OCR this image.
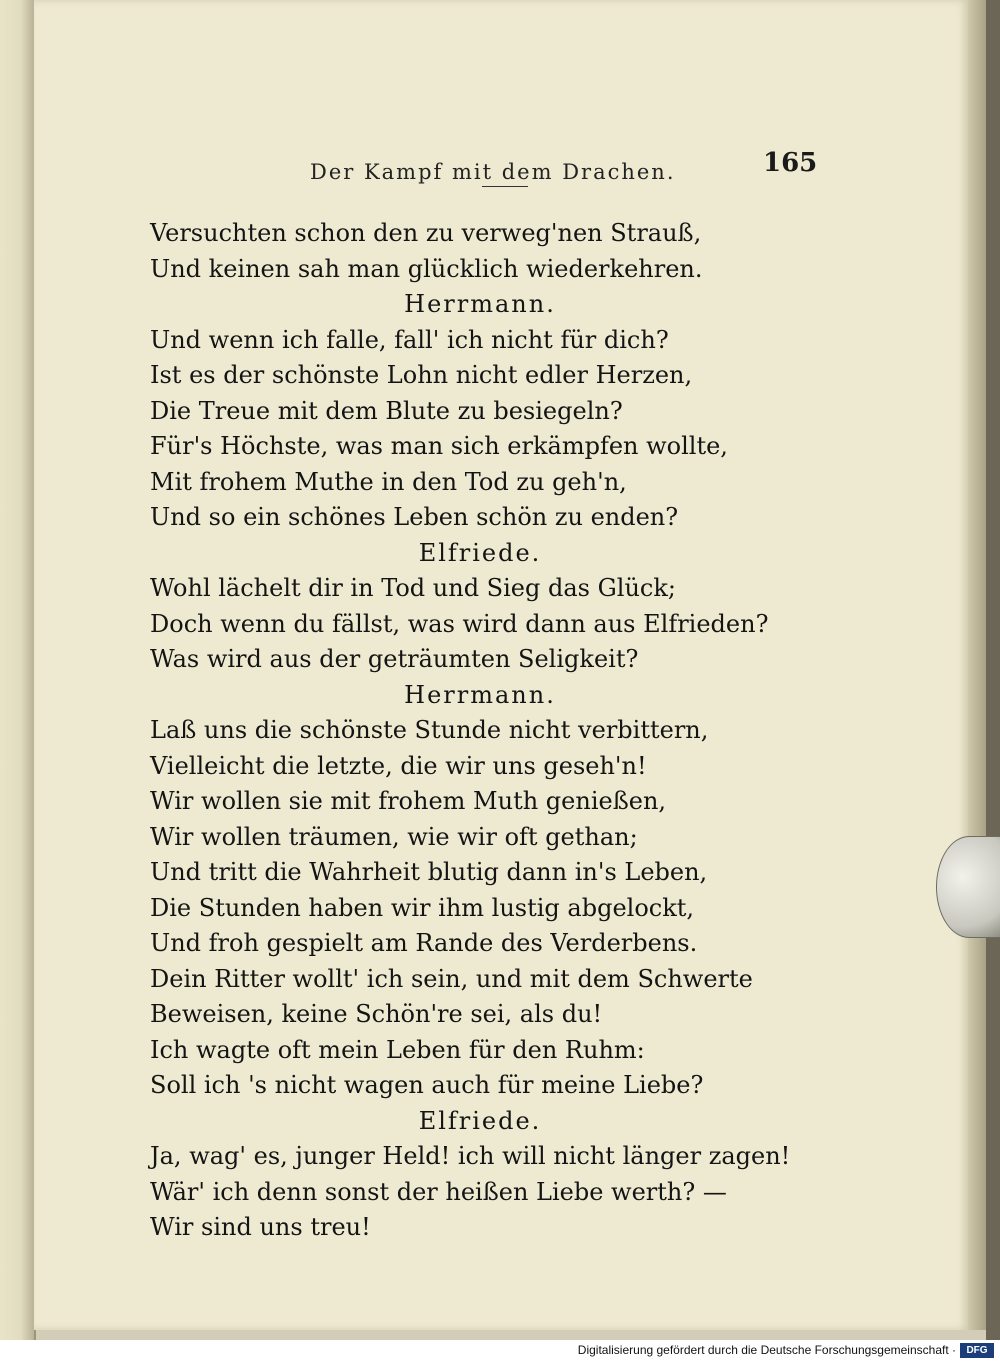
Der Kampf mit dem Drachen.	165
Versuchten schon den zu verweg'nen Strauß,
Und keinen sah man glücklich wiederkehren.
Herrmann.
Und wenn ich falle, fall' ich nicht für dich?
Ist es der schönste Lohn nicht edler Herzen,
Die Treue mit dem Blute zu besiegeln?
Für's Höchste, was man sich erkämpfen wollte,
Mit frohem Muthe in den Tod zu geh'n,
Und so ein schönes Leben schön zu enden?
Elfriede.
Wohl lächelt dir in Tod und Sieg das Glück;
Doch wenn du fällst, was wird dann aus Elfrieden?
Was wird aus der geträumten Seligkeit?
Herrmann.
Laß uns die schönste Stunde nicht verbittern,
Vielleicht die letzte, die wir uns geseh'n!
Wir wollen sie mit frohem Muth genießen,
Wir wollen träumen, wie wir oft gethan;
Und tritt die Wahrheit blutig dann in's Leben,
Die Stunden haben wir ihm lustig abgelockt,
Und froh gespielt am Rande des Verderbens.
Dein Ritter wollt' ich sein, und mit dem Schwerte
Beweisen, keine Schön're sei, als du!
Ich wagte oft mein Leben für den Ruhm:
Soll ich 's nicht wagen auch für meine Liebe?
Elfriede.
Ja, wag' es, junger Held! ich will nicht länger zagen!
Wär' ich denn sonst der heißen Liebe werth? —
Wir sind uns treu!
Digitalisierung gefördert durch die Deutsche Forschungsgemeinschaft ·	DFG
